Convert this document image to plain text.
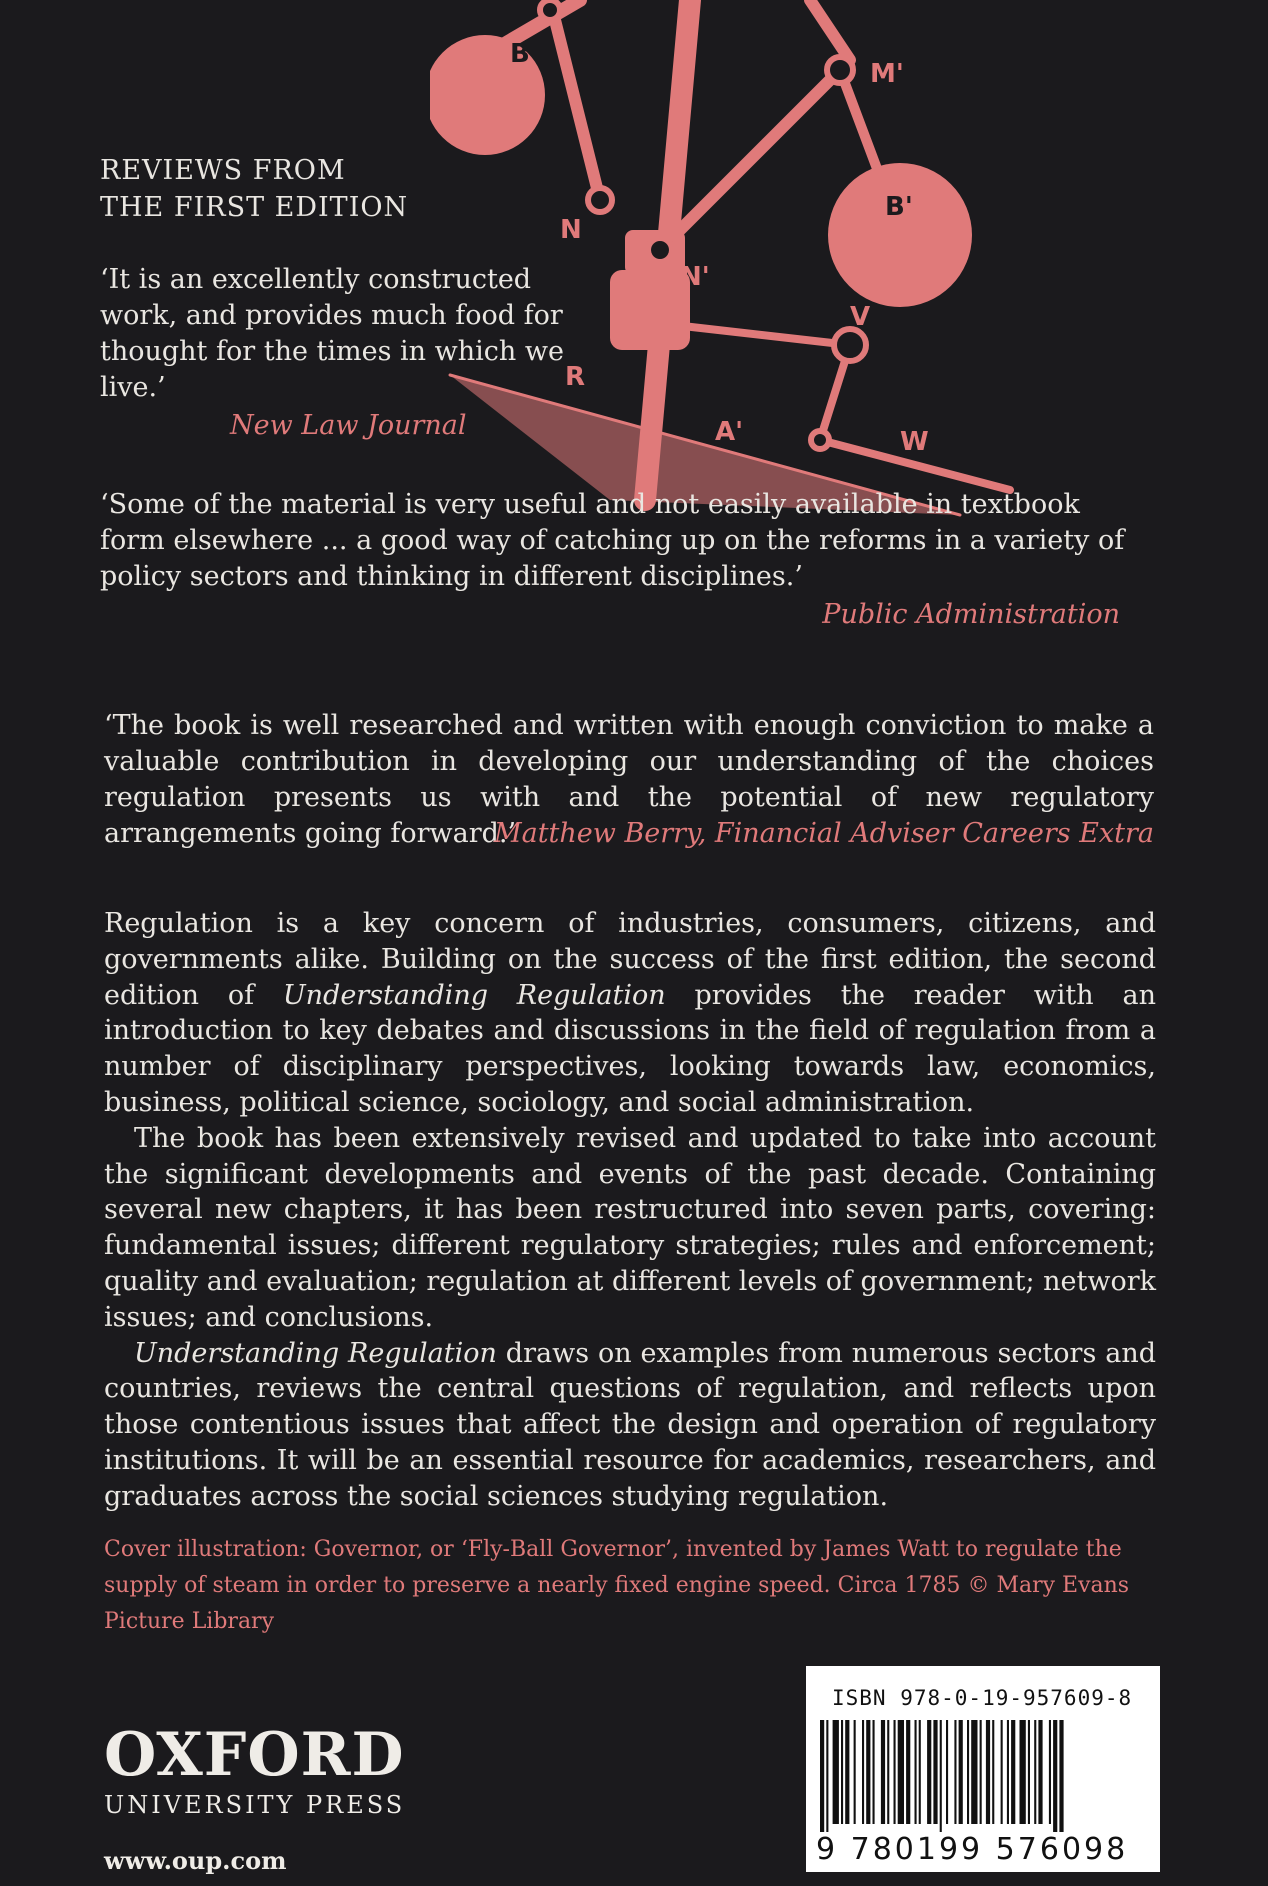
B
M'
B'
N
N'
V
R
A'	W
REVIEWS FROM
THE FIRST EDITION

‘It is an excellently constructed work, and provides much food for thought for the times in which we live.’

New Law Journal

‘Some of the material is very useful and not easily available in textbook form elsewhere ... a good way of catching up on the reforms in a variety of policy sectors and thinking in different disciplines.’

Public Administration

‘The book is well researched and written with enough conviction to make a valuable contribution in developing our understanding of the choices regulation presents us with and the potential of new regulatory arrangements going forward.’

Matthew Berry, Financial Adviser Careers Extra

Regulation is a key concern of industries, consumers, citizens, and governments alike. Building on the success of the first edition, the second edition of Understanding Regulation provides the reader with an introduction to key debates and discussions in the field of regulation from a number of disciplinary perspectives, looking towards law, economics, business, political science, sociology, and social administration.

The book has been extensively revised and updated to take into account the significant developments and events of the past decade. Containing several new chapters, it has been restructured into seven parts, covering: fundamental issues; different regulatory strategies; rules and enforcement; quality and evaluation; regulation at different levels of government; network issues; and conclusions.

Understanding Regulation draws on examples from numerous sectors and countries, reviews the central questions of regulation, and reflects upon those contentious issues that affect the design and operation of regulatory institutions. It will be an essential resource for academics, researchers, and graduates across the social sciences studying regulation.

Cover illustration: Governor, or ‘Fly-Ball Governor’, invented by James Watt to regulate the supply of steam in order to preserve a nearly fixed engine speed. Circa 1785 © Mary Evans Picture Library

OXFORD
UNIVERSITY PRESS
www.oup.com
ISBN 978-0-19-957609-8
9 780199 576098
